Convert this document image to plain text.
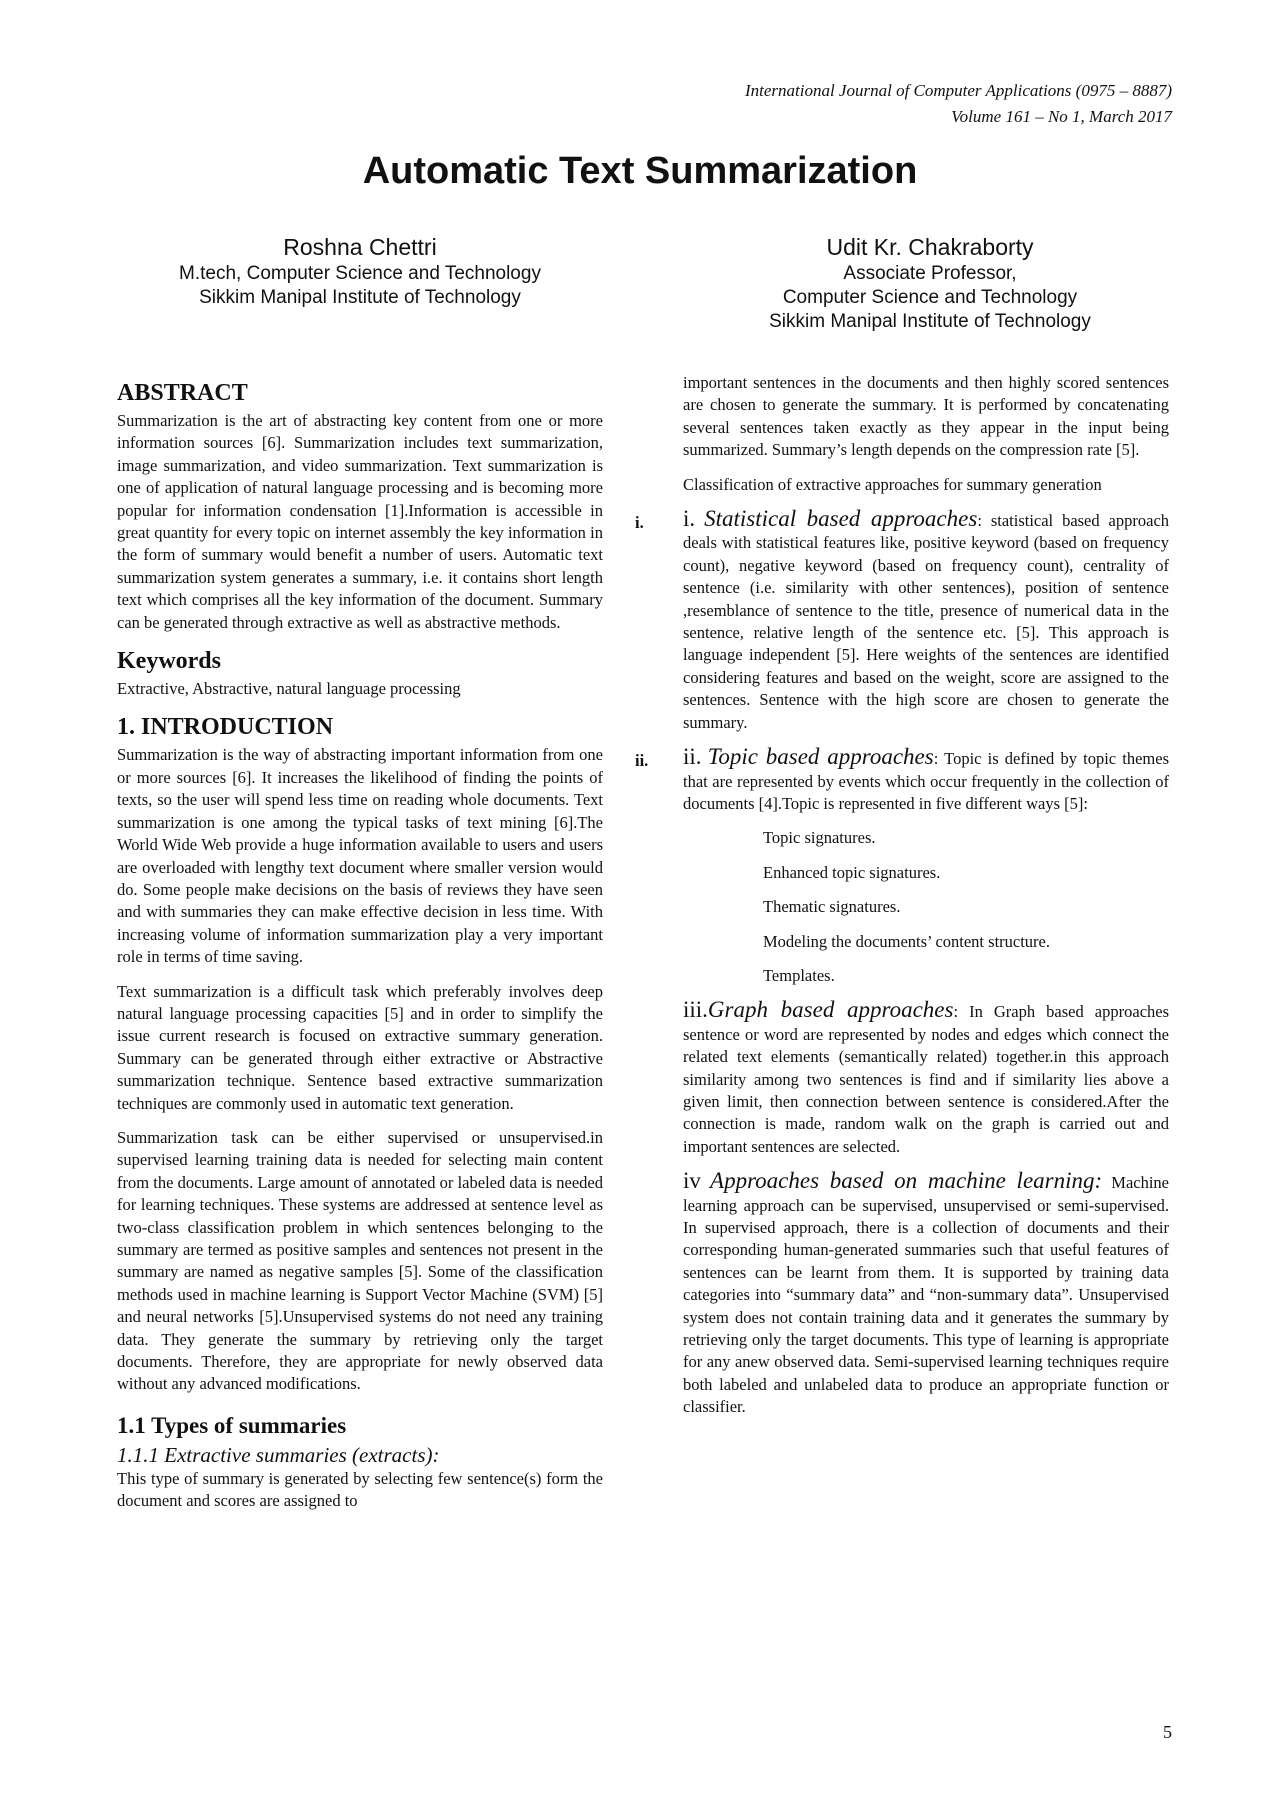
International Journal of Computer Applications (0975 – 8887)
Volume 161 – No 1, March 2017
Automatic Text Summarization
Roshna Chettri
M.tech, Computer Science and Technology
Sikkim Manipal Institute of Technology
Udit Kr. Chakraborty
Associate Professor,
Computer Science and Technology
Sikkim Manipal Institute of Technology
ABSTRACT

Summarization is the art of abstracting key content from one or more information sources [6]. Summarization includes text summarization, image summarization, and video summarization. Text summarization is one of application of natural language processing and is becoming more popular for information condensation [1].Information is accessible in great quantity for every topic on internet assembly the key information in the form of summary would benefit a number of users. Automatic text summarization system generates a summary, i.e. it contains short length text which comprises all the key information of the document. Summary can be generated through extractive as well as abstractive methods.

Keywords

Extractive, Abstractive, natural language processing

1. INTRODUCTION

Summarization is the way of abstracting important information from one or more sources [6]. It increases the likelihood of finding the points of texts, so the user will spend less time on reading whole documents. Text summarization is one among the typical tasks of text mining [6].The World Wide Web provide a huge information available to users and users are overloaded with lengthy text document where smaller version would do. Some people make decisions on the basis of reviews they have seen and with summaries they can make effective decision in less time. With increasing volume of information summarization play a very important role in terms of time saving.

Text summarization is a difficult task which preferably involves deep natural language processing capacities [5] and in order to simplify the issue current research is focused on extractive summary generation. Summary can be generated through either extractive or Abstractive summarization technique. Sentence based extractive summarization techniques are commonly used in automatic text generation.

Summarization task can be either supervised or unsupervised.in supervised learning training data is needed for selecting main content from the documents. Large amount of annotated or labeled data is needed for learning techniques. These systems are addressed at sentence level as two-class classification problem in which sentences belonging to the summary are termed as positive samples and sentences not present in the summary are named as negative samples [5]. Some of the classification methods used in machine learning is Support Vector Machine (SVM) [5] and neural networks [5].Unsupervised systems do not need any training data. They generate the summary by retrieving only the target documents. Therefore, they are appropriate for newly observed data without any advanced modifications.

1.1 Types of summaries
1.1.1 Extractive summaries (extracts):

This type of summary is generated by selecting few sentence(s) form the document and scores are assigned to

important sentences in the documents and then highly scored sentences are chosen to generate the summary. It is performed by concatenating several sentences taken exactly as they appear in the input being summarized. Summary’s length depends on the compression rate [5].

Classification of extractive approaches for summary generation

i. i. Statistical based approaches: statistical based approach deals with statistical features like, positive keyword (based on frequency count), negative keyword (based on frequency count), centrality of sentence (i.e. similarity with other sentences), position of sentence ,resemblance of sentence to the title, presence of numerical data in the sentence, relative length of the sentence etc. [5]. This approach is language independent [5]. Here weights of the sentences are identified considering features and based on the weight, score are assigned to the sentences. Sentence with the high score are chosen to generate the summary.
ii. ii. Topic based approaches: Topic is defined by topic themes that are represented by events which occur frequently in the collection of documents [4].Topic is represented in five different ways [5]:
Topic signatures.
Enhanced topic signatures.
Thematic signatures.
Modeling the documents’ content structure.
Templates.
iii.Graph based approaches: In Graph based approaches sentence or word are represented by nodes and edges which connect the related text elements (semantically related) together.in this approach similarity among two sentences is find and if similarity lies above a given limit, then connection between sentence is considered.After the connection is made, random walk on the graph is carried out and important sentences are selected.
iv Approaches based on machine learning: Machine learning approach can be supervised, unsupervised or semi-supervised. In supervised approach, there is a collection of documents and their corresponding human-generated summaries such that useful features of sentences can be learnt from them. It is supported by training data categories into “summary data” and “non-summary data”. Unsupervised system does not contain training data and it generates the summary by retrieving only the target documents. This type of learning is appropriate for any anew observed data. Semi-supervised learning techniques require both labeled and unlabeled data to produce an appropriate function or classifier.
5
